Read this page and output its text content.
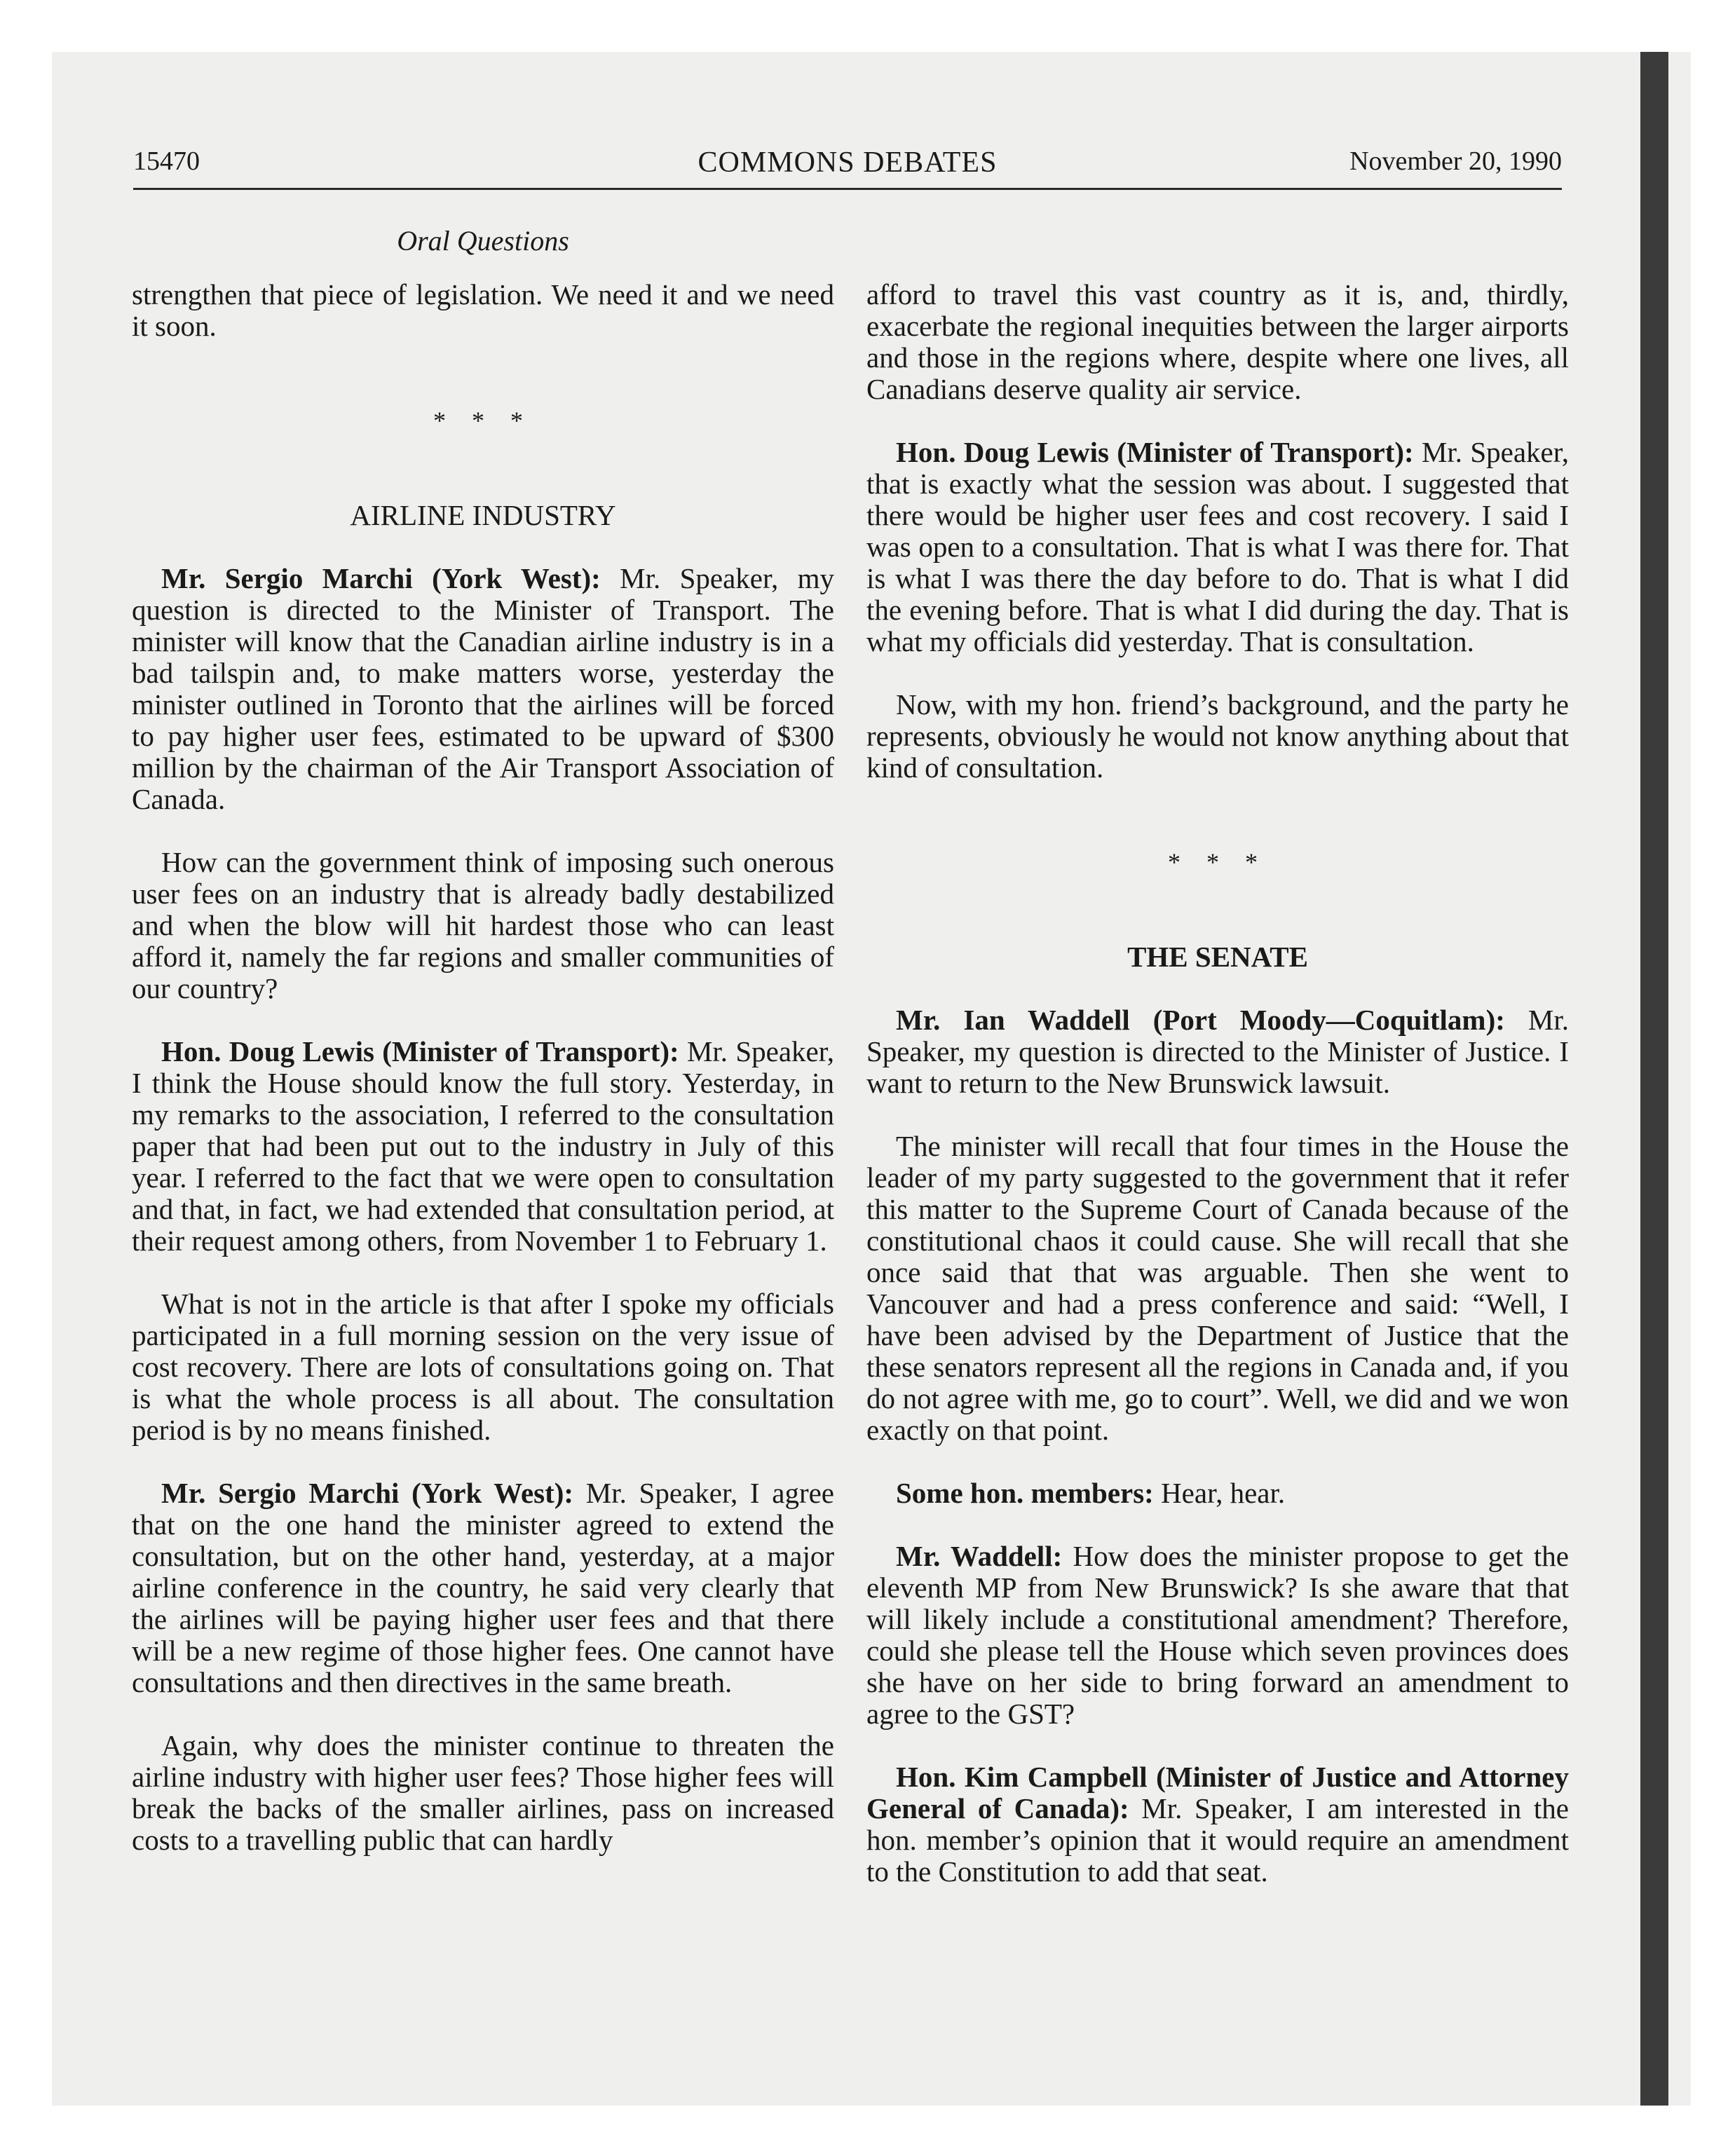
15470	COMMONS DEBATES	November 20, 1990
Oral Questions

strengthen that piece of legislation. We need it and we need it soon.

* * *
AIRLINE INDUSTRY

Mr. Sergio Marchi (York West): Mr. Speaker, my question is directed to the Minister of Transport. The minister will know that the Canadian airline industry is in a bad tailspin and, to make matters worse, yesterday the minister outlined in Toronto that the airlines will be forced to pay higher user fees, estimated to be upward of $300 million by the chairman of the Air Transport Association of Canada.

How can the government think of imposing such onerous user fees on an industry that is already badly destabilized and when the blow will hit hardest those who can least afford it, namely the far regions and smaller communities of our country?

Hon. Doug Lewis (Minister of Transport): Mr. Speaker, I think the House should know the full story. Yesterday, in my remarks to the association, I referred to the consultation paper that had been put out to the industry in July of this year. I referred to the fact that we were open to consultation and that, in fact, we had extended that consultation period, at their request among others, from November 1 to February 1.

What is not in the article is that after I spoke my officials participated in a full morning session on the very issue of cost recovery. There are lots of consultations going on. That is what the whole process is all about. The consultation period is by no means finished.

Mr. Sergio Marchi (York West): Mr. Speaker, I agree that on the one hand the minister agreed to extend the consultation, but on the other hand, yesterday, at a major airline conference in the country, he said very clearly that the airlines will be paying higher user fees and that there will be a new regime of those higher fees. One cannot have consultations and then directives in the same breath.

Again, why does the minister continue to threaten the airline industry with higher user fees? Those higher fees will break the backs of the smaller airlines, pass on increased costs to a travelling public that can hardly

afford to travel this vast country as it is, and, thirdly, exacerbate the regional inequities between the larger airports and those in the regions where, despite where one lives, all Canadians deserve quality air service.

Hon. Doug Lewis (Minister of Transport): Mr. Speaker, that is exactly what the session was about. I suggested that there would be higher user fees and cost recovery. I said I was open to a consultation. That is what I was there for. That is what I was there the day before to do. That is what I did the evening before. That is what I did during the day. That is what my officials did yesterday. That is consultation.

Now, with my hon. friend’s background, and the party he represents, obviously he would not know anything about that kind of consultation.

* * *
THE SENATE

Mr. Ian Waddell (Port Moody—Coquitlam): Mr. Speaker, my question is directed to the Minister of Justice. I want to return to the New Brunswick lawsuit.

The minister will recall that four times in the House the leader of my party suggested to the government that it refer this matter to the Supreme Court of Canada because of the constitutional chaos it could cause. She will recall that she once said that that was arguable. Then she went to Vancouver and had a press conference and said: “Well, I have been advised by the Department of Justice that the these senators represent all the regions in Canada and, if you do not agree with me, go to court”. Well, we did and we won exactly on that point.

Some hon. members: Hear, hear.

Mr. Waddell: How does the minister propose to get the eleventh MP from New Brunswick? Is she aware that that will likely include a constitutional amendment? Therefore, could she please tell the House which seven provinces does she have on her side to bring forward an amendment to agree to the GST?

Hon. Kim Campbell (Minister of Justice and Attorney General of Canada): Mr. Speaker, I am interested in the hon. member’s opinion that it would require an amendment to the Constitution to add that seat.
